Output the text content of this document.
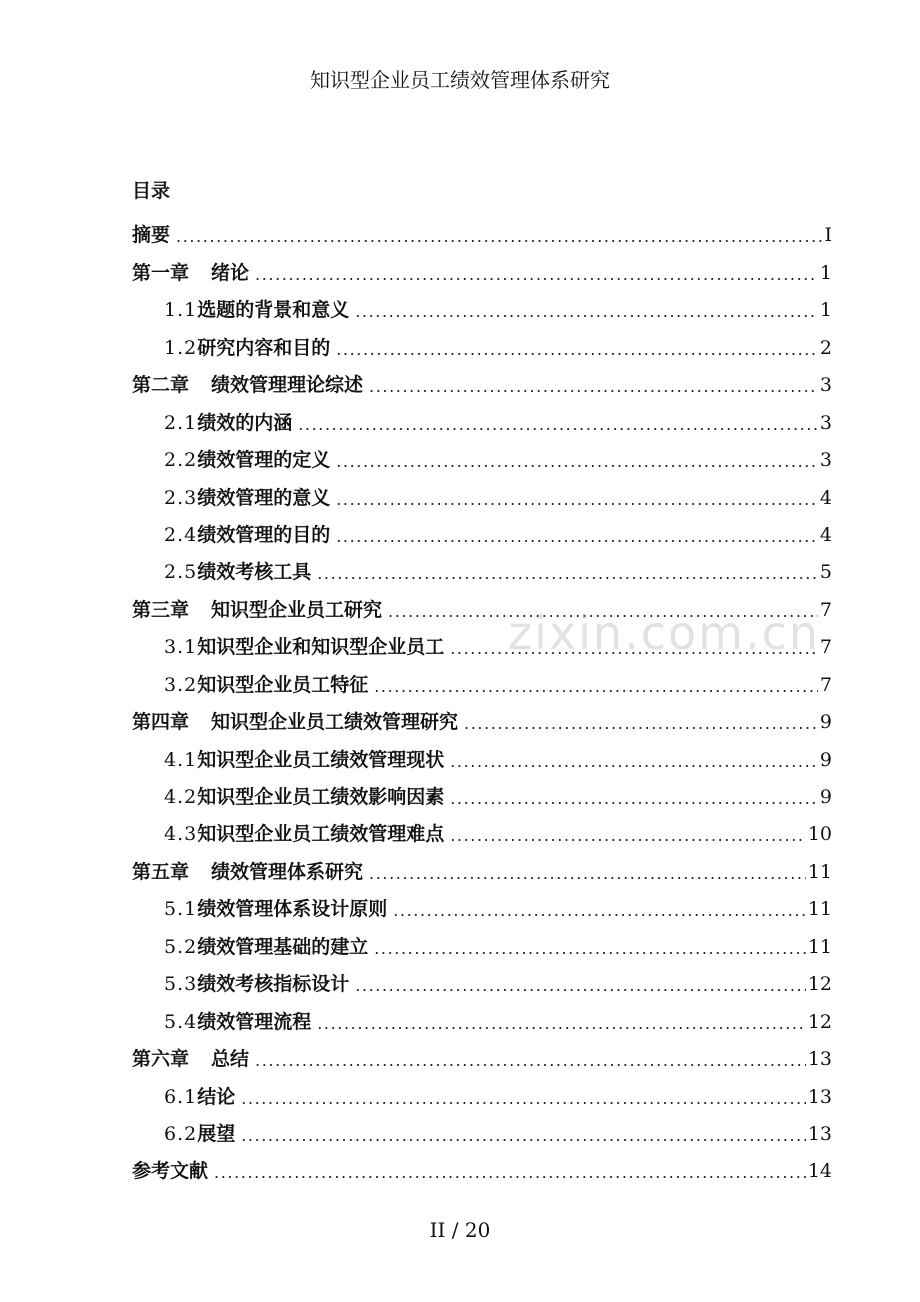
知识型企业员工绩效管理体系研究
目录
摘要 .....	I
第一章 绪论 .....	1
1.1 选题的背景和意义 .....	1
1.2 研究内容和目的 .....	2
第二章 绩效管理理论综述 .....	3
2.1 绩效的内涵 .....	3
2.2 绩效管理的定义 .....	3
2.3 绩效管理的意义 .....	4
2.4 绩效管理的目的 .....	4
2.5 绩效考核工具 .....	5
第三章 知识型企业员工研究 .....	7
3.1 知识型企业和知识型企业员工 .....	7
3.2 知识型企业员工特征 .....	7
第四章 知识型企业员工绩效管理研究 .....	9
4.1 知识型企业员工绩效管理现状 .....	9
4.2 知识型企业员工绩效影响因素 .....	9
4.3 知识型企业员工绩效管理难点 .....	10
第五章 绩效管理体系研究 .....	11
5.1 绩效管理体系设计原则 .....	11
5.2 绩效管理基础的建立 .....	11
5.3 绩效考核指标设计 .....	12
5.4 绩效管理流程 .....	12
第六章 总结 .....	13
6.1 结论 .....	13
6.2 展望 .....	13
参考文献 .....	14
zixin.com.cn
II / 20
